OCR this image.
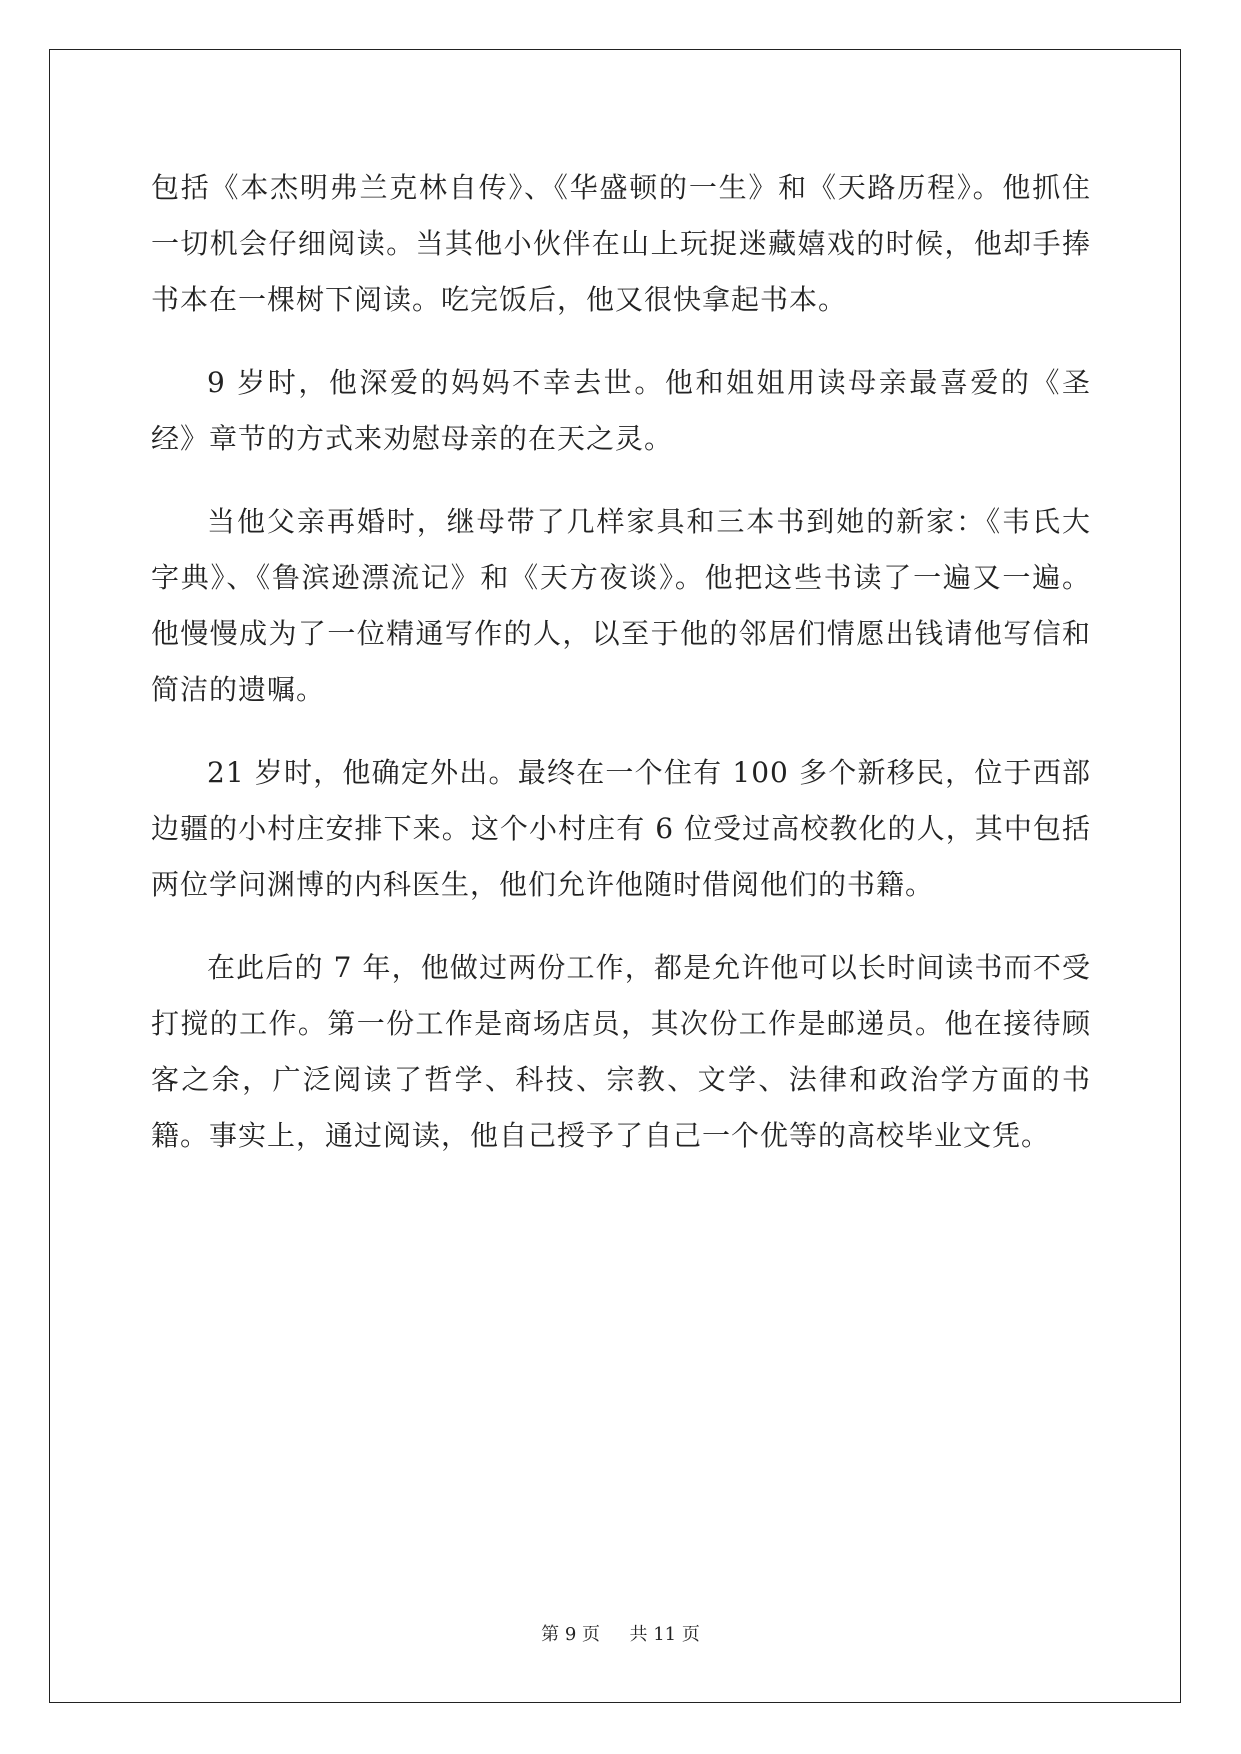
包括《本杰明弗兰克林自传》、《华盛顿的一生》和《天路历程》。他抓住一切机会仔细阅读。当其他小伙伴在山上玩捉迷藏嬉戏的时候，他却手捧书本在一棵树下阅读。吃完饭后，他又很快拿起书本。

9 岁时，他深爱的妈妈不幸去世。他和姐姐用读母亲最喜爱的《圣经》章节的方式来劝慰母亲的在天之灵。

当他父亲再婚时，继母带了几样家具和三本书到她的新家：《韦氏大字典》、《鲁滨逊漂流记》和《天方夜谈》。他把这些书读了一遍又一遍。他慢慢成为了一位精通写作的人，以至于他的邻居们情愿出钱请他写信和简洁的遗嘱。

21 岁时，他确定外出。最终在一个住有 100 多个新移民，位于西部边疆的小村庄安排下来。这个小村庄有 6 位受过高校教化的人，其中包括两位学问渊博的内科医生，他们允许他随时借阅他们的书籍。

在此后的 7 年，他做过两份工作，都是允许他可以长时间读书而不受打搅的工作。第一份工作是商场店员，其次份工作是邮递员。他在接待顾客之余，广泛阅读了哲学、科技、宗教、文学、法律和政治学方面的书籍。事实上，通过阅读，他自己授予了自己一个优等的高校毕业文凭。

第 9 页 共 11 页
